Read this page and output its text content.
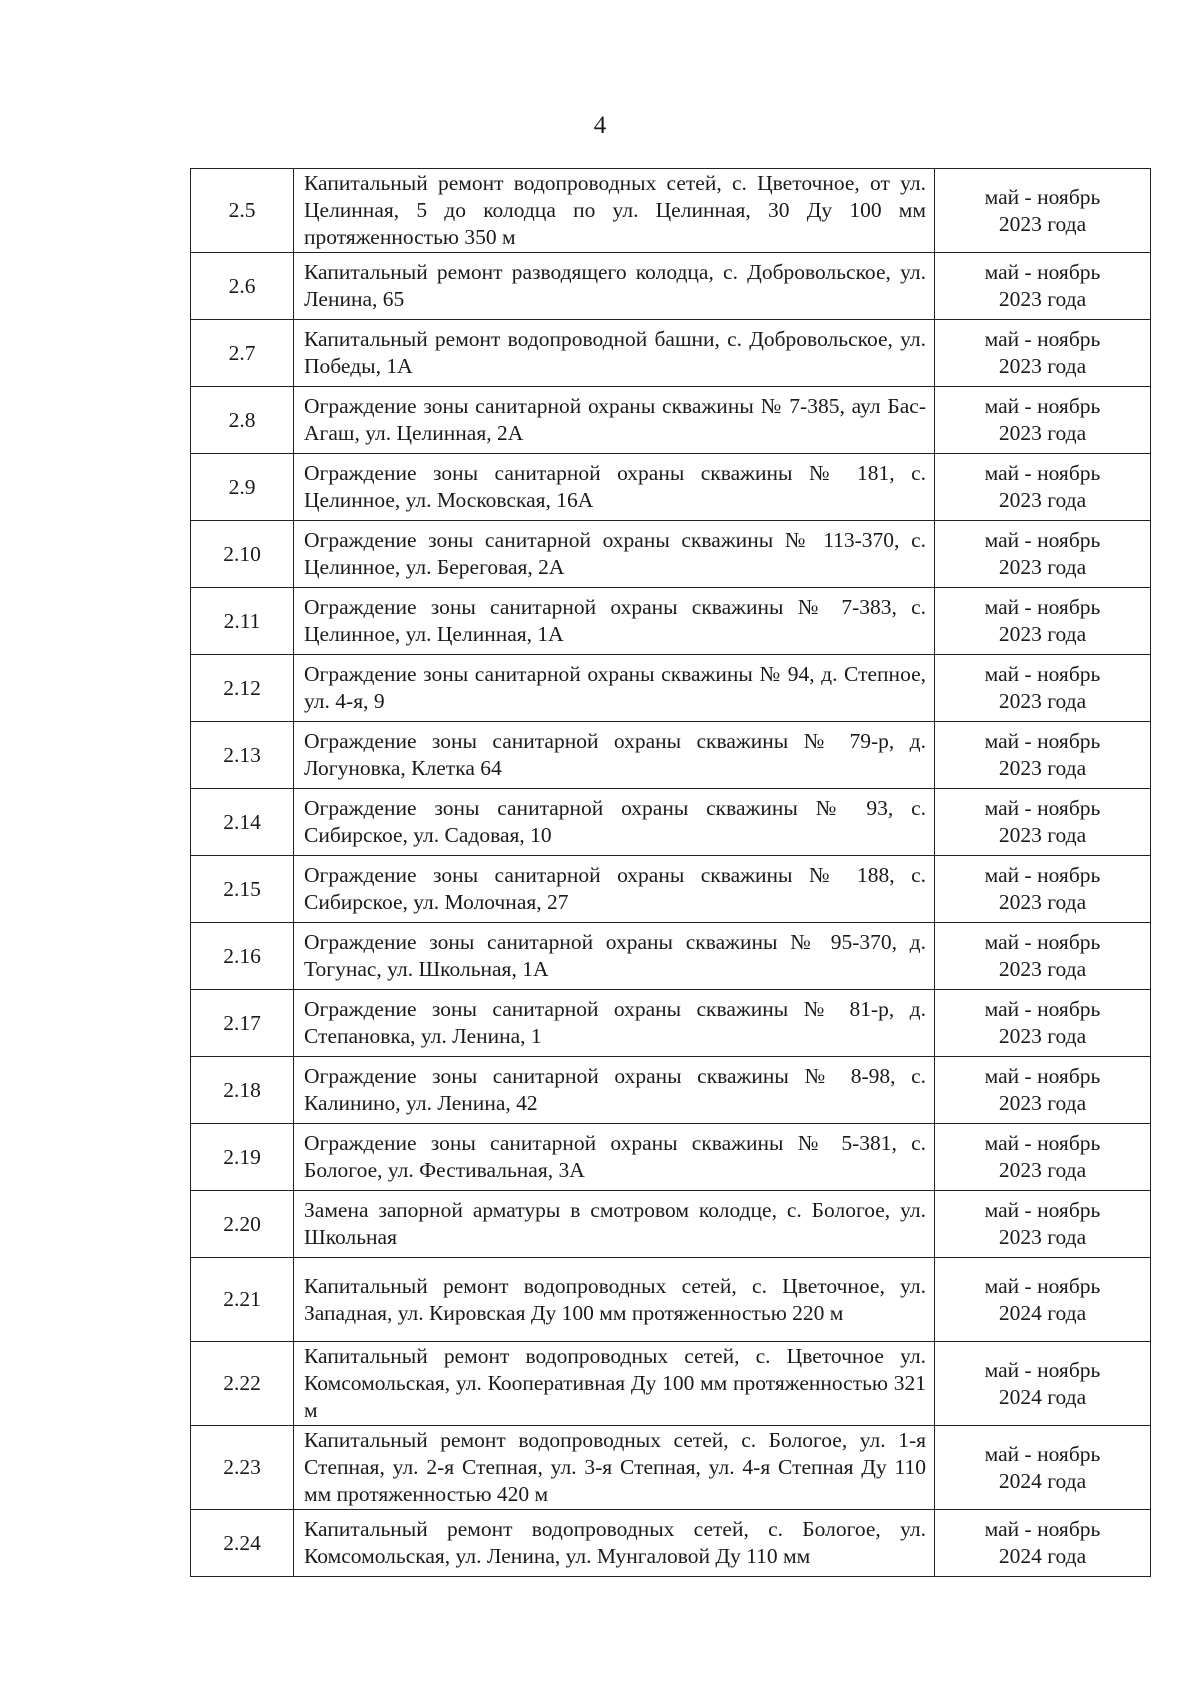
4
2.5	Капитальный ремонт водопроводных сетей, с. Цветочное, от ул. Целинная, 5 до колодца по ул. Целинная, 30 Ду 100 мм протяженностью 350 м	май - ноябрь
2023 года

2.6	Капитальный ремонт разводящего колодца, с. Добровольское, ул. Ленина, 65	май - ноябрь
2023 года

2.7	Капитальный ремонт водопроводной башни, с. Добровольское, ул. Победы, 1А	май - ноябрь
2023 года

2.8	Ограждение зоны санитарной охраны скважины № 7-385, аул Бас-Агаш, ул. Целинная, 2А	май - ноябрь
2023 года

2.9	Ограждение зоны санитарной охраны скважины № 181, с. Целинное, ул. Московская, 16А	май - ноябрь
2023 года

2.10	Ограждение зоны санитарной охраны скважины № 113-370, с. Целинное, ул. Береговая, 2А	май - ноябрь
2023 года

2.11	Ограждение зоны санитарной охраны скважины № 7-383, с. Целинное, ул. Целинная, 1А	май - ноябрь
2023 года

2.12	Ограждение зоны санитарной охраны скважины № 94, д. Степное, ул. 4-я, 9	май - ноябрь
2023 года

2.13	Ограждение зоны санитарной охраны скважины № 79-р, д. Логуновка, Клетка 64	май - ноябрь
2023 года

2.14	Ограждение зоны санитарной охраны скважины № 93, с. Сибирское, ул. Садовая, 10	май - ноябрь
2023 года

2.15	Ограждение зоны санитарной охраны скважины № 188, с. Сибирское, ул. Молочная, 27	май - ноябрь
2023 года

2.16	Ограждение зоны санитарной охраны скважины № 95-370, д. Тогунас, ул. Школьная, 1А	май - ноябрь
2023 года

2.17	Ограждение зоны санитарной охраны скважины № 81-р, д. Степановка, ул. Ленина, 1	май - ноябрь
2023 года

2.18	Ограждение зоны санитарной охраны скважины № 8-98, с. Калинино, ул. Ленина, 42	май - ноябрь
2023 года

2.19	Ограждение зоны санитарной охраны скважины № 5-381, с. Бологое, ул. Фестивальная, 3А	май - ноябрь
2023 года

2.20	Замена запорной арматуры в смотровом колодце, с. Бологое, ул. Школьная	май - ноябрь
2023 года

2.21	Капитальный ремонт водопроводных сетей, с. Цветочное, ул. Западная, ул. Кировская Ду 100 мм протяженностью 220 м	май - ноябрь
2024 года

2.22	Капитальный ремонт водопроводных сетей, с. Цветочное ул. Комсомольская, ул. Кооперативная Ду 100 мм протяженностью 321 м	май - ноябрь
2024 года

2.23	Капитальный ремонт водопроводных сетей, с. Бологое, ул. 1-я Степная, ул. 2-я Степная, ул. 3-я Степная, ул. 4-я Степная Ду 110 мм протяженностью 420 м	май - ноябрь
2024 года

2.24	Капитальный ремонт водопроводных сетей, с. Бологое, ул. Комсомольская, ул. Ленина, ул. Мунгаловой Ду 110 мм	май - ноябрь
2024 года
